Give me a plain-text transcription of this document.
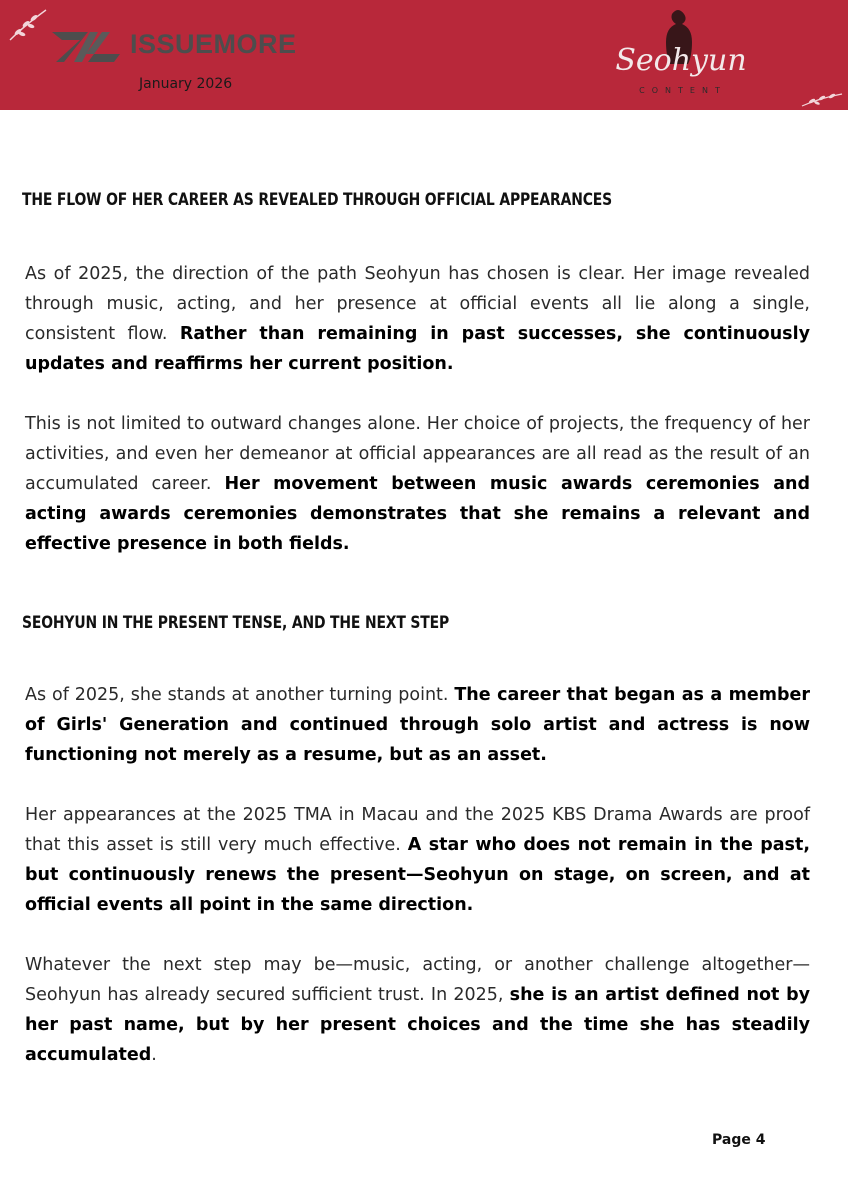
ISSUEMORE
January 2026
Seohyun
CONTENT
THE FLOW OF HER CAREER AS REVEALED THROUGH OFFICIAL APPEARANCES

As of 2025, the direction of the path Seohyun has chosen is clear. Her image revealed through music, acting, and her presence at official events all lie along a single, consistent flow. Rather than remaining in past successes, she continuously updates and reaffirms her current position.

This is not limited to outward changes alone. Her choice of projects, the frequency of her activities, and even her demeanor at official appearances are all read as the result of an accumulated career. Her movement between music awards ceremonies and acting awards ceremonies demonstrates that she remains a relevant and effective presence in both fields.

SEOHYUN IN THE PRESENT TENSE, AND THE NEXT STEP

As of 2025, she stands at another turning point. The career that began as a member of Girls' Generation and continued through solo artist and actress is now functioning not merely as a resume, but as an asset.

Her appearances at the 2025 TMA in Macau and the 2025 KBS Drama Awards are proof that this asset is still very much effective. A star who does not remain in the past, but continuously renews the present—Seohyun on stage, on screen, and at official events all point in the same direction.

Whatever the next step may be—music, acting, or another challenge altogether—Seohyun has already secured sufficient trust. In 2025, she is an artist defined not by her past name, but by her present choices and the time she has steadily accumulated.

Page 4
